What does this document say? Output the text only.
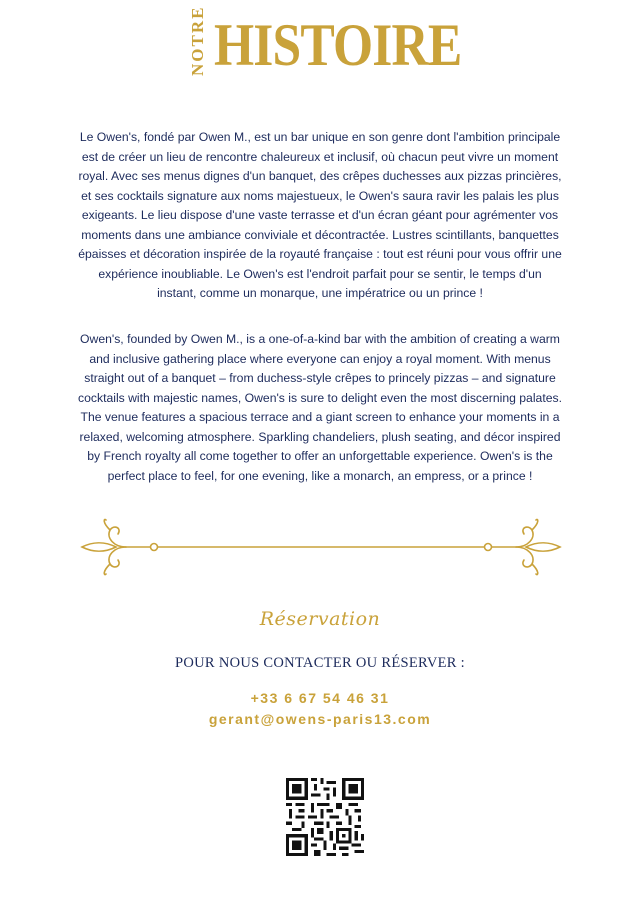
NOTRE HISTOIRE
Le Owen's, fondé par Owen M., est un bar unique en son genre dont l'ambition principale est de créer un lieu de rencontre chaleureux et inclusif, où chacun peut vivre un moment royal. Avec ses menus dignes d'un banquet, des crêpes duchesses aux pizzas princières, et ses cocktails signature aux noms majestueux, le Owen's saura ravir les palais les plus exigeants. Le lieu dispose d'une vaste terrasse et d'un écran géant pour agrémenter vos moments dans une ambiance conviviale et décontractée. Lustres scintillants, banquettes épaisses et décoration inspirée de la royauté française : tout est réuni pour vous offrir une expérience inoubliable. Le Owen's est l'endroit parfait pour se sentir, le temps d'un instant, comme un monarque, une impératrice ou un prince !
Owen's, founded by Owen M., is a one-of-a-kind bar with the ambition of creating a warm and inclusive gathering place where everyone can enjoy a royal moment. With menus straight out of a banquet – from duchess-style crêpes to princely pizzas – and signature cocktails with majestic names, Owen's is sure to delight even the most discerning palates. The venue features a spacious terrace and a giant screen to enhance your moments in a relaxed, welcoming atmosphere. Sparkling chandeliers, plush seating, and décor inspired by French royalty all come together to offer an unforgettable experience. Owen's is the perfect place to feel, for one evening, like a monarch, an empress, or a prince !
Réservation
POUR NOUS CONTACTER OU RÉSERVER :
+33 6 67 54 46 31
gerant@owens-paris13.com
